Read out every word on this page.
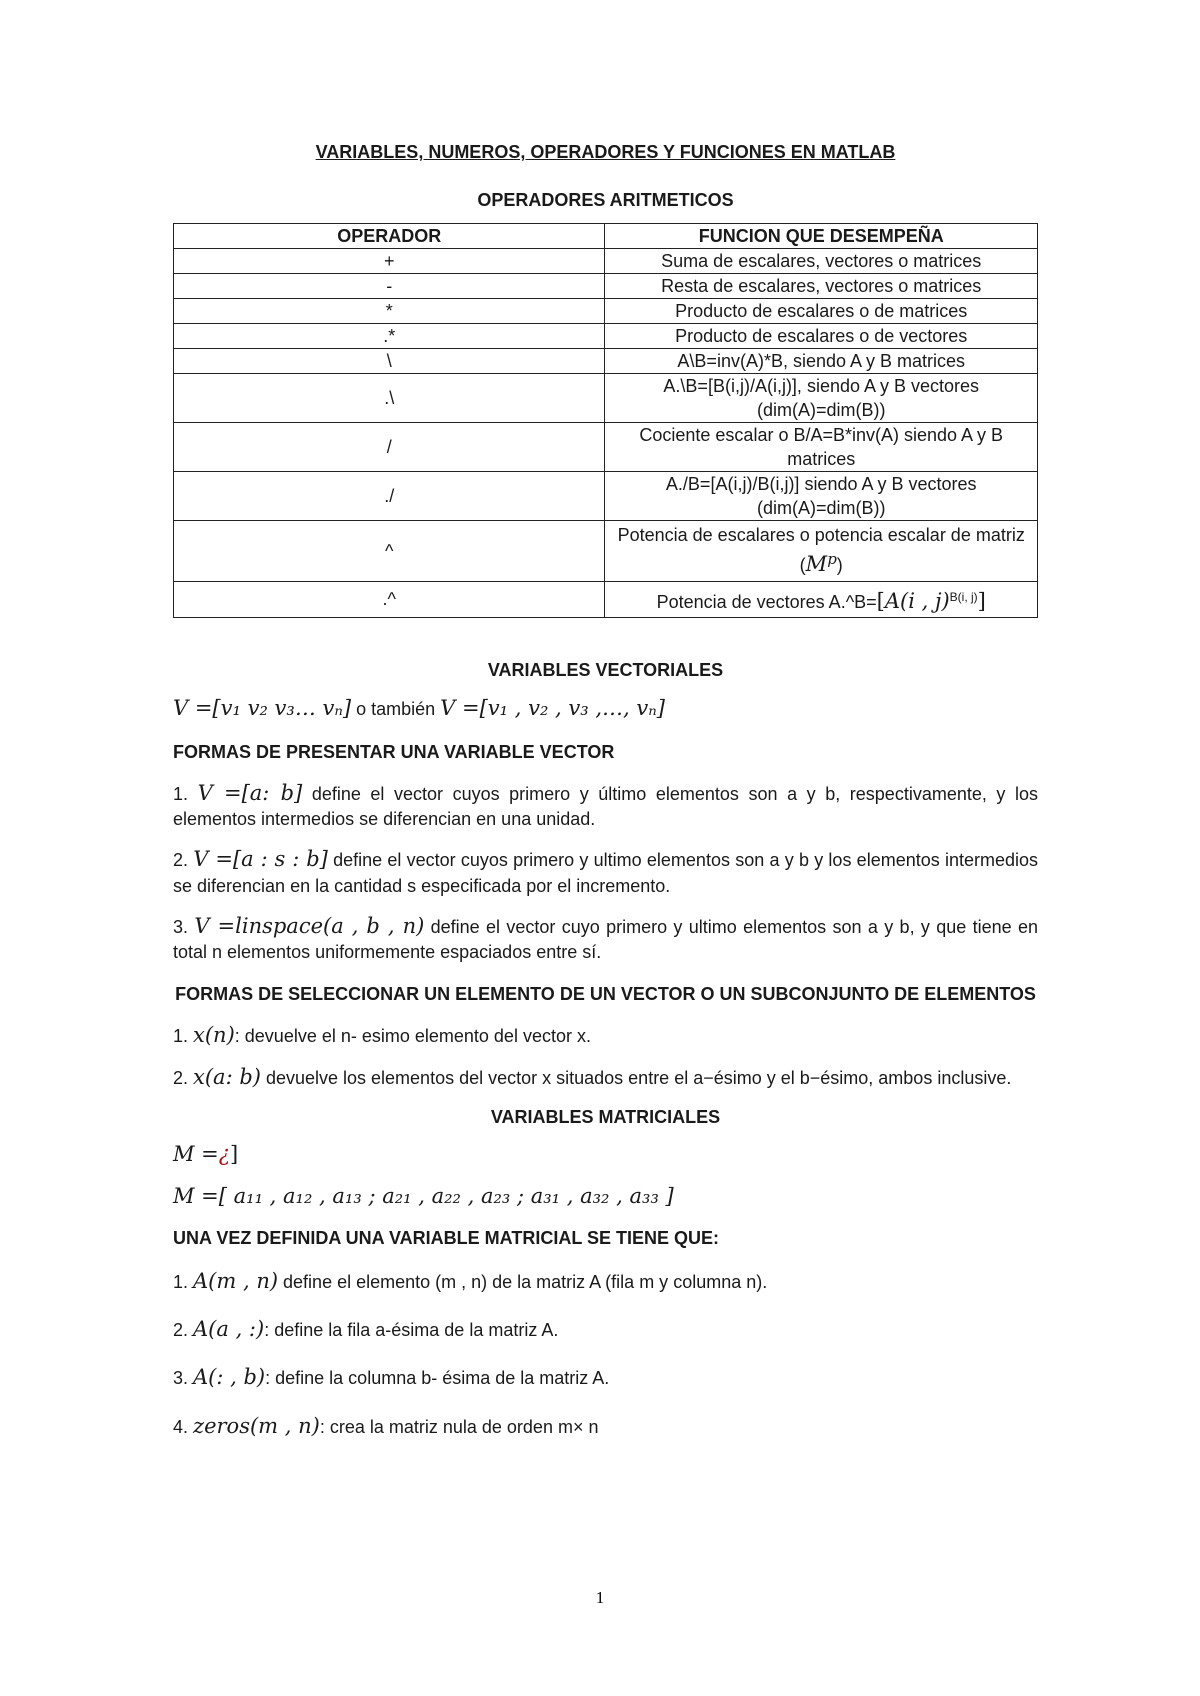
VARIABLES, NUMEROS, OPERADORES Y FUNCIONES EN MATLAB
OPERADORES ARITMETICOS
OPERADOR	FUNCION QUE DESEMPEÑA
+	Suma de escalares, vectores o matrices
-	Resta de escalares, vectores o matrices
*	Producto de escalares o de matrices
.*	Producto de escalares o de vectores
\	A\B=inv(A)*B, siendo A y B matrices
.\	A.\B=[B(i,j)/A(i,j)], siendo A y B vectores (dim(A)=dim(B))
/	Cociente escalar o B/A=B*inv(A) siendo A y B matrices
./	A./B=[A(i,j)/B(i,j)] siendo A y B vectores (dim(A)=dim(B))
^	Potencia de escalares o potencia escalar de matriz $(M^p)$
.^	Potencia de vectores A.^B=[A(i , j)$^{B(i, j)}$]
VARIABLES VECTORIALES
V =[v₁ v₂ v₃… vₙ] o también V =[v₁ , v₂ , v₃ ,…, vₙ]
FORMAS DE PRESENTAR UNA VARIABLE VECTOR

1. V =[a: b] define el vector cuyos primero y último elementos son a y b, respectivamente, y los elementos intermedios se diferencian en una unidad.

2. V =[a : s : b] define el vector cuyos primero y ultimo elementos son a y b y los elementos intermedios se diferencian en la cantidad s especificada por el incremento.

3. V =linspace(a , b , n) define el vector cuyo primero y ultimo elementos son a y b, y que tiene en total n elementos uniformemente espaciados entre sí.

FORMAS DE SELECCIONAR UN ELEMENTO DE UN VECTOR O UN SUBCONJUNTO DE ELEMENTOS

1. x(n): devuelve el n- esimo elemento del vector x.

2. x(a: b) devuelve los elementos del vector x situados entre el a−ésimo y el b−ésimo, ambos inclusive.

VARIABLES MATRICIALES
M =¿]
M =[ a₁₁ , a₁₂ , a₁₃ ; a₂₁ , a₂₂ , a₂₃ ; a₃₁ , a₃₂ , a₃₃ ]
UNA VEZ DEFINIDA UNA VARIABLE MATRICIAL SE TIENE QUE:

1. A(m , n) define el elemento (m , n) de la matriz A (fila m y columna n).

2. A(a , :): define la fila a-ésima de la matriz A.

3. A(: , b): define la columna b- ésima de la matriz A.

4. zeros(m , n): crea la matriz nula de orden m× n

1
